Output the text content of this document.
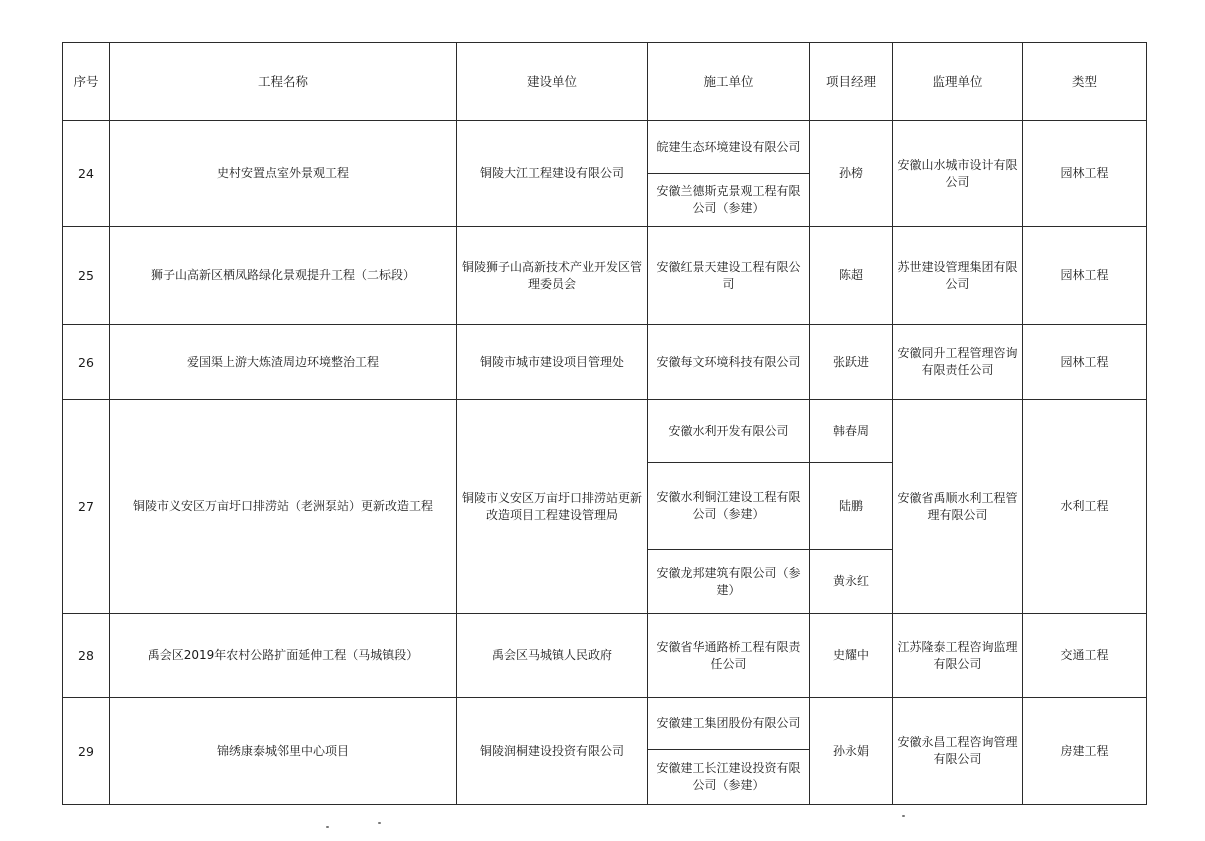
序号	工程名称	建设单位	施工单位	项目经理	监理单位	类型
24	史村安置点室外景观工程	铜陵大江工程建设有限公司	皖建生态环境建设有限公司	孙榜	安徽山水城市设计有限公司	园林工程
			安徽兰德斯克景观工程有限公司（参建）			
25	狮子山高新区栖凤路绿化景观提升工程（二标段）	铜陵狮子山高新技术产业开发区管理委员会	安徽红景天建设工程有限公司	陈超	苏世建设管理集团有限公司	园林工程
26	爱国渠上游大炼渣周边环境整治工程	铜陵市城市建设项目管理处	安徽每文环境科技有限公司	张跃进	安徽同升工程管理咨询有限责任公司	园林工程
27	铜陵市义安区万亩圩口排涝站（老洲泵站）更新改造工程	铜陵市义安区万亩圩口排涝站更新改造项目工程建设管理局	安徽水利开发有限公司	韩春周	安徽省禹顺水利工程管理有限公司	水利工程
			安徽水利铜江建设工程有限公司（参建）	陆鹏		
			安徽龙邦建筑有限公司（参建）	黄永红		
28	禹会区2019年农村公路扩面延伸工程（马城镇段）	禹会区马城镇人民政府	安徽省华通路桥工程有限责任公司	史耀中	江苏隆泰工程咨询监理有限公司	交通工程
29	锦绣康泰城邻里中心项目	铜陵润桐建设投资有限公司	安徽建工集团股份有限公司	孙永娟	安徽永昌工程咨询管理有限公司	房建工程
			安徽建工长江建设投资有限公司（参建）			
